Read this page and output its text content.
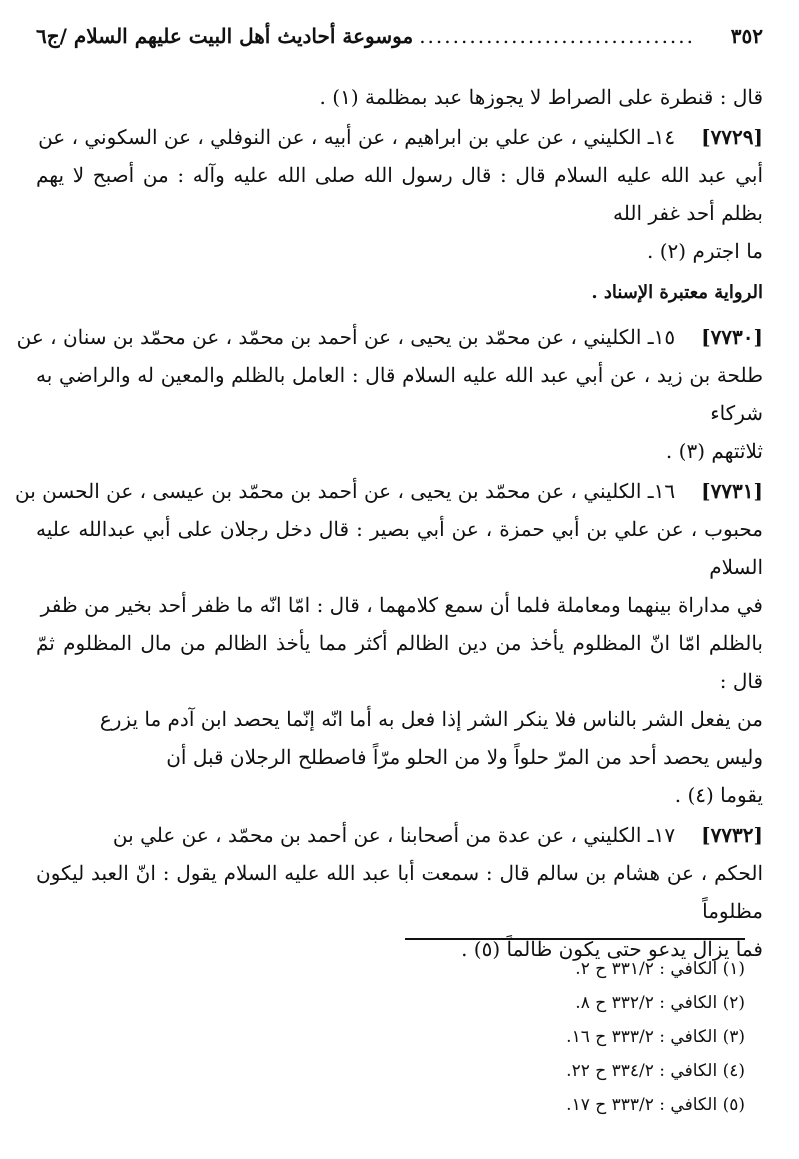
٣٥٢
.................................
موسوعة أحاديث أهل البيت عليهم السلام /ج٦

قال : قنطرة على الصراط لا يجوزها عبد بمظلمة (١) .

[٧٧٢٩]
١٤ـ الكليني ، عن علي بن ابراهيم ، عن أبيه ، عن النوفلي ، عن السكوني ، عن

أبي عبد الله عليه السلام قال : قال رسول الله صلى الله عليه وآله : من أصبح لا يهم بظلم أحد غفر الله

ما اجترم (٢) .

الرواية معتبرة الإسناد .

[٧٧٣٠]
١٥ـ الكليني ، عن محمّد بن يحيى ، عن أحمد بن محمّد ، عن محمّد بن سنان ، عن

طلحة بن زيد ، عن أبي عبد الله عليه السلام قال : العامل بالظلم والمعين له والراضي به شركاء

ثلاثتهم (٣) .

[٧٧٣١]
١٦ـ الكليني ، عن محمّد بن يحيى ، عن أحمد بن محمّد بن عيسى ، عن الحسن بن

محبوب ، عن علي بن أبي حمزة ، عن أبي بصير : قال دخل رجلان على أبي عبدالله عليه السلام

في مداراة بينهما ومعاملة فلما أن سمع كلامهما ، قال : امّا انّه ما ظفر أحد بخير من ظفر

بالظلم امّا انّ المظلوم يأخذ من دين الظالم أكثر مما يأخذ الظالم من مال المظلوم ثمّ قال :

من يفعل الشر بالناس فلا ينكر الشر إذا فعل به أما انّه إنّما يحصد ابن آدم ما يزرع

وليس يحصد أحد من المرّ حلواً ولا من الحلو مرّاً فاصطلح الرجلان قبل أن

يقوما (٤) .

[٧٧٣٢]
١٧ـ الكليني ، عن عدة من أصحابنا ، عن أحمد بن محمّد ، عن علي بن

الحكم ، عن هشام بن سالم قال : سمعت أبا عبد الله عليه السلام يقول : انّ العبد ليكون مظلوماً

فما يزال يدعو حتى يكون ظالماً (٥) .

(١) الكافي : ٣٣١/٢ ح ٢.
(٢) الكافي : ٣٣٢/٢ ح ٨.
(٣) الكافي : ٣٣٣/٢ ح ١٦.
(٤) الكافي : ٣٣٤/٢ ح ٢٢.
(٥) الكافي : ٣٣٣/٢ ح ١٧.
